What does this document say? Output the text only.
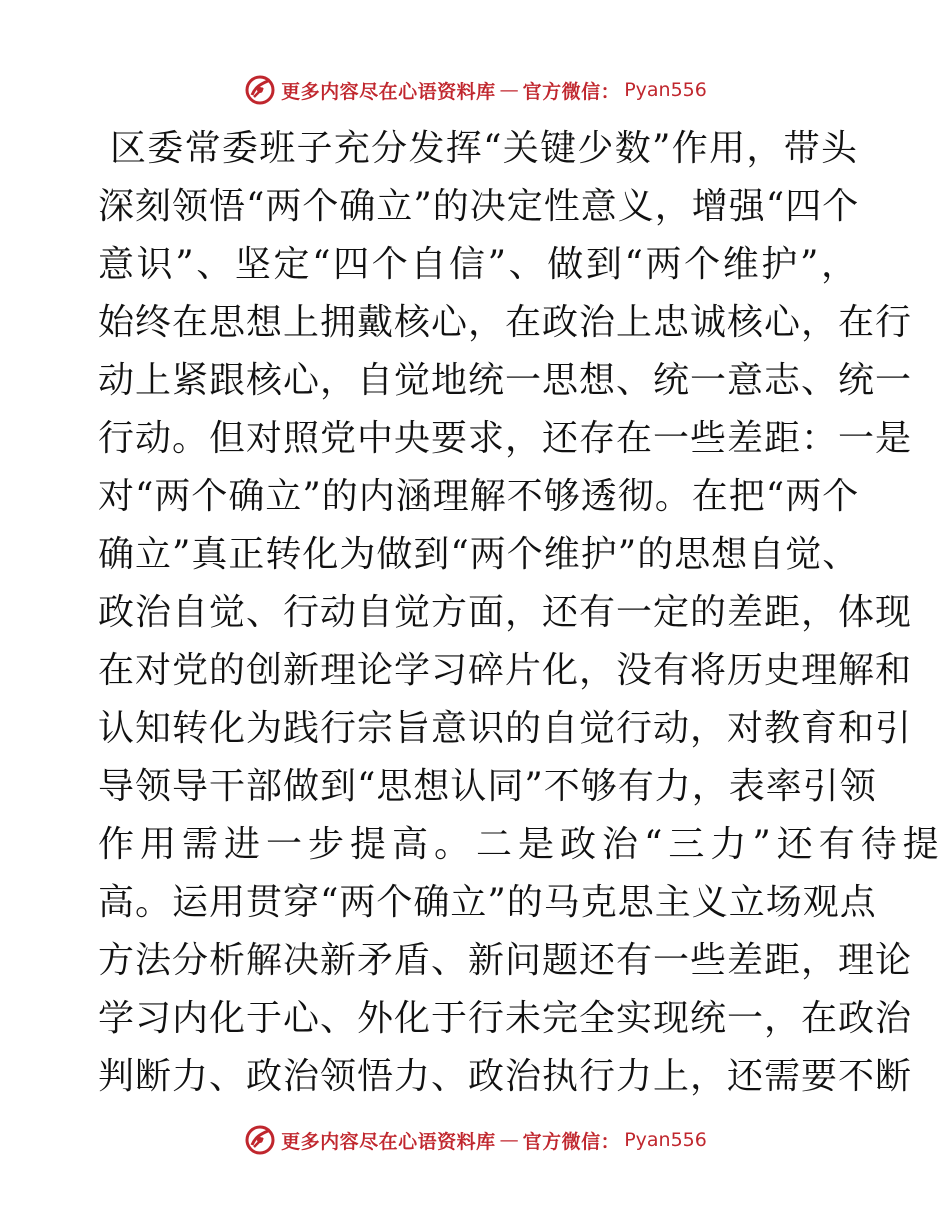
更多内容尽在心语资料库 — 官方微信： Pyan556
区委常委班子充分发挥“关键少数”作用，带头
深刻领悟“两个确立”的决定性意义，增强“四个
意识”、坚定“四个自信”、做到“两个维护”，
始终在思想上拥戴核心，在政治上忠诚核心，在行
动上紧跟核心，自觉地统一思想、统一意志、统一
行动。但对照党中央要求，还存在一些差距：一是
对“两个确立”的内涵理解不够透彻。在把“两个
确立”真正转化为做到“两个维护”的思想自觉、
政治自觉、行动自觉方面，还有一定的差距，体现
在对党的创新理论学习碎片化，没有将历史理解和
认知转化为践行宗旨意识的自觉行动，对教育和引
导领导干部做到“思想认同”不够有力，表率引领
作用需进一步提高。二是政治“三力”还有待提
高。运用贯穿“两个确立”的马克思主义立场观点
方法分析解决新矛盾、新问题还有一些差距，理论
学习内化于心、外化于行未完全实现统一，在政治
判断力、政治领悟力、政治执行力上，还需要不断
更多内容尽在心语资料库 — 官方微信： Pyan556
